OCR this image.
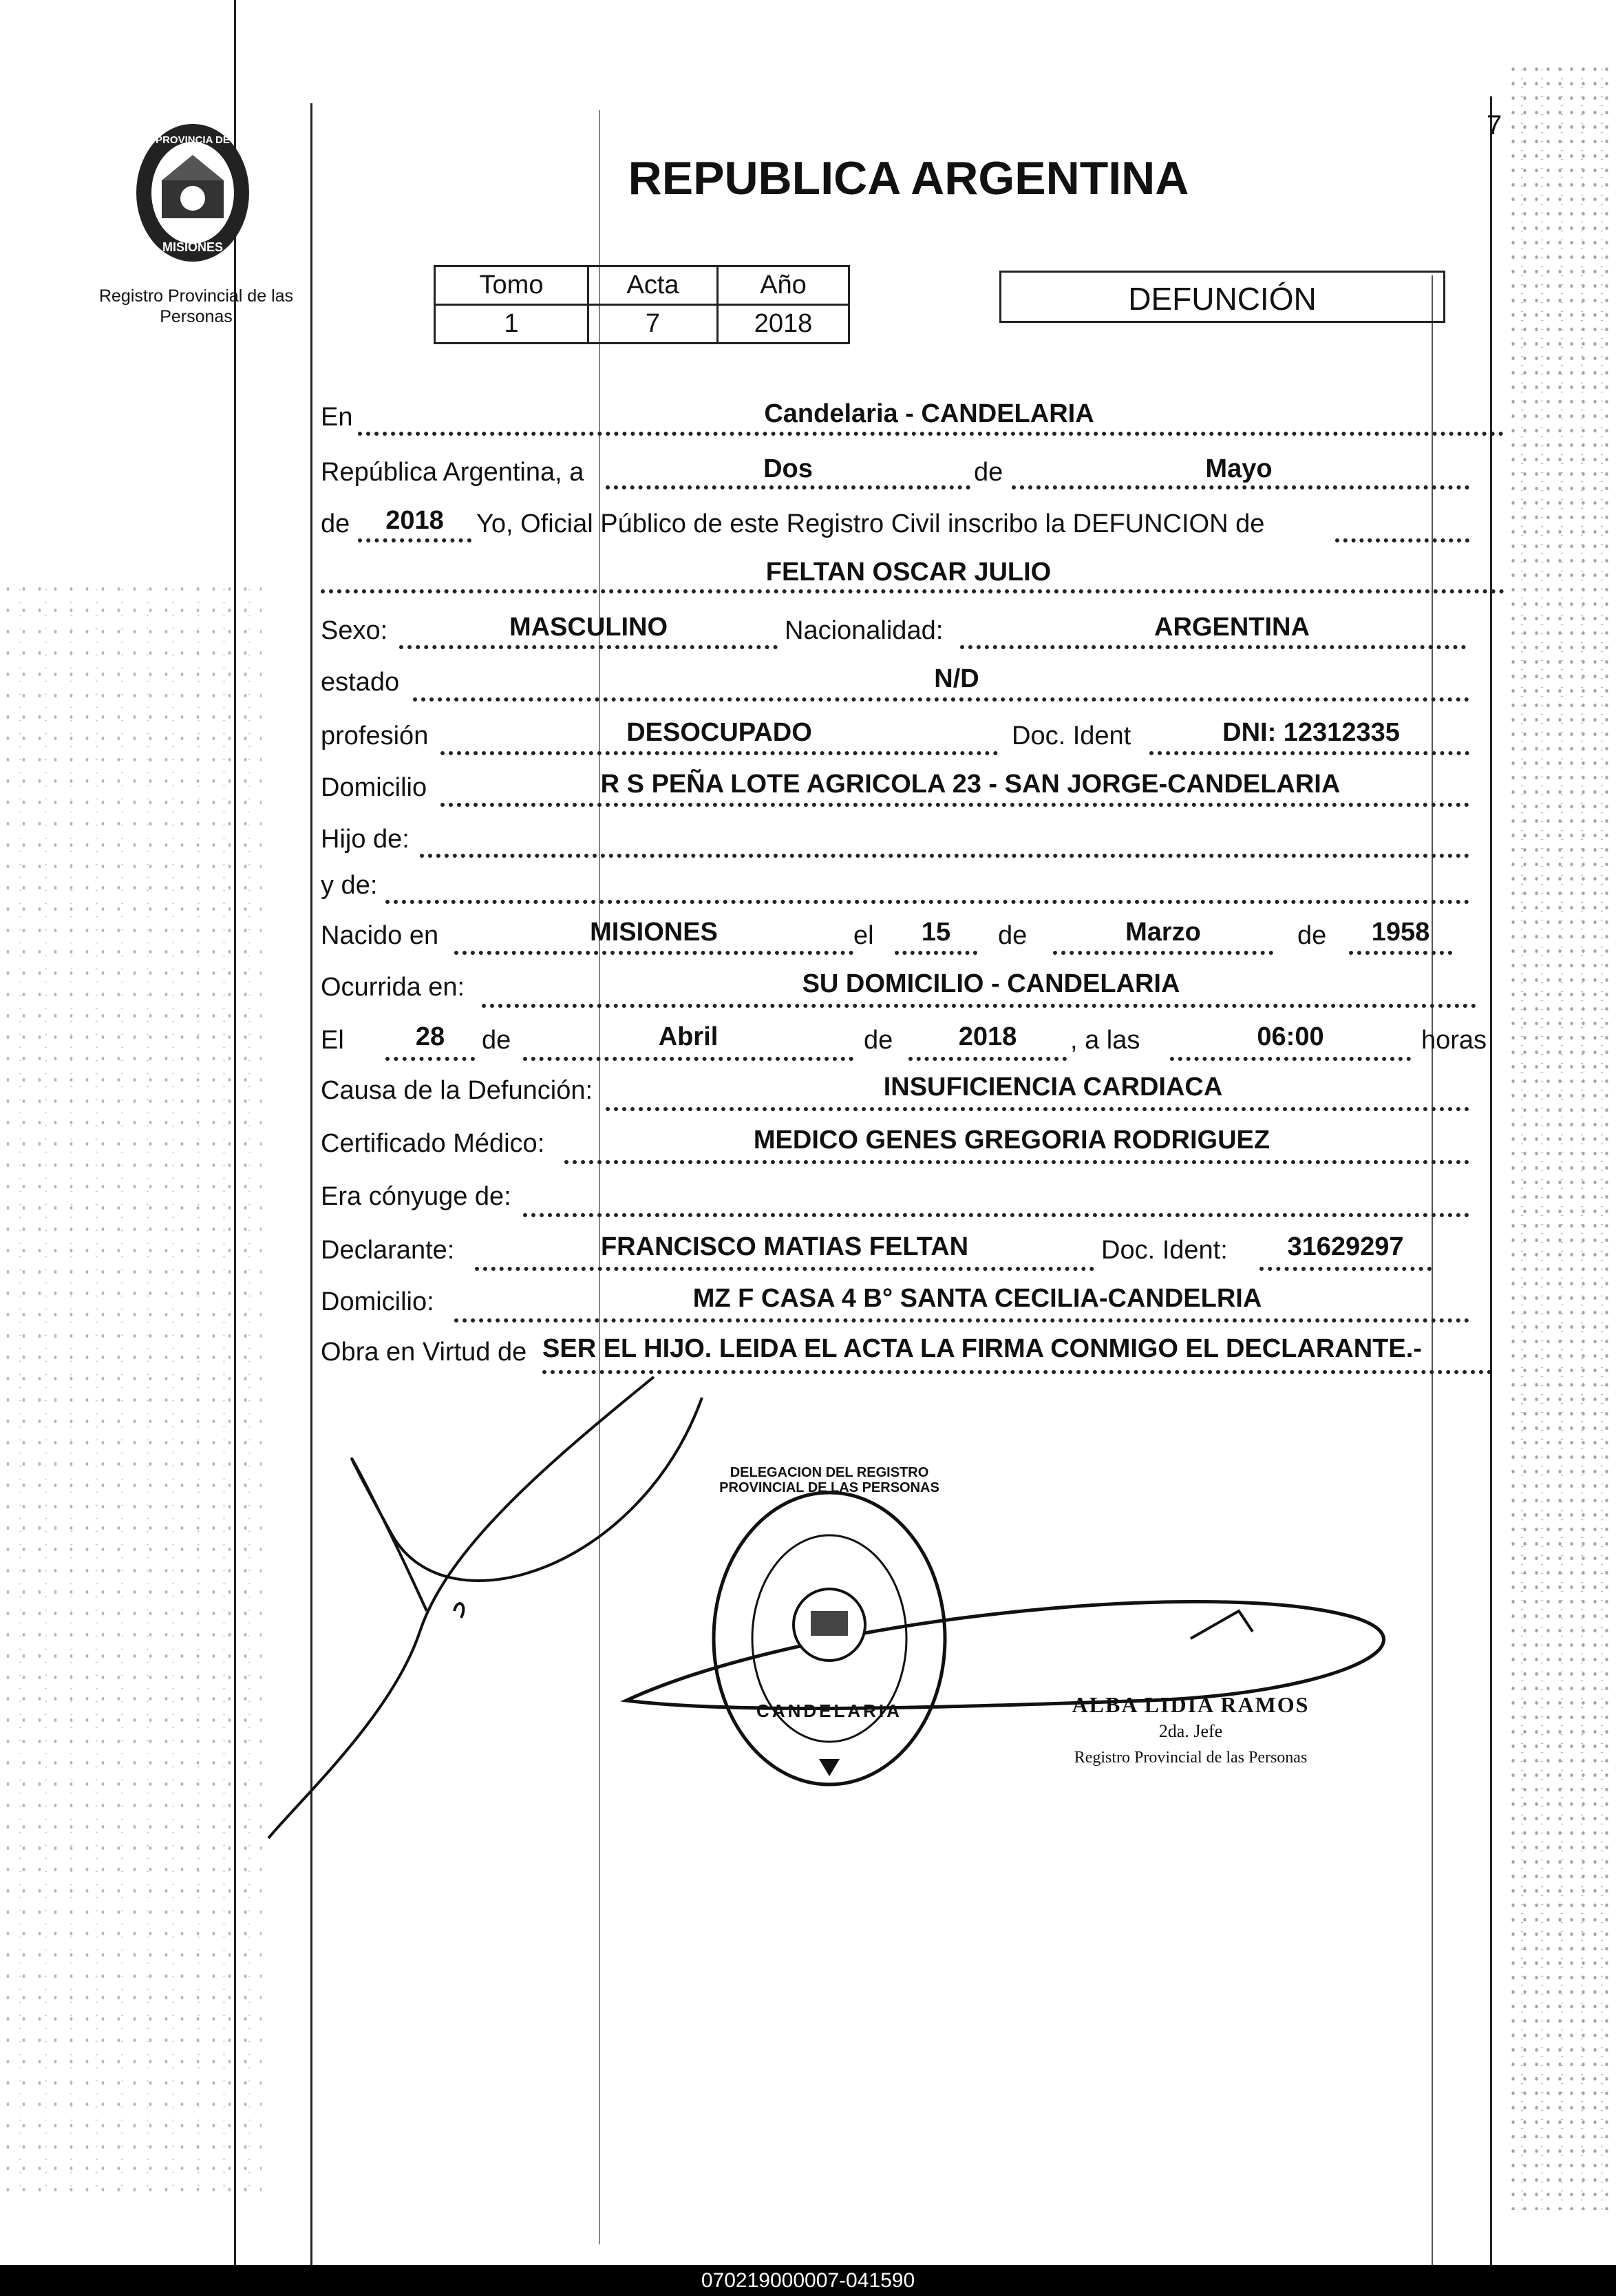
7
PROVINCIA DE
MISIONES
Registro Provincial de las Personas
REPUBLICA ARGENTINA
Tomo	Acta	Año
1	7	2018
DEFUNCIÓN
En	Candelaria - CANDELARIA
República Argentina, a	Dos	de	Mayo
de	2018	Yo, Oficial Público de este Registro Civil inscribo la DEFUNCION de
FELTAN OSCAR JULIO
Sexo:	MASCULINO	Nacionalidad:	ARGENTINA
estado	N/D
profesión	DESOCUPADO	Doc. Ident	DNI: 12312335
Domicilio	R S PEÑA LOTE AGRICOLA 23 - SAN JORGE-CANDELARIA
Hijo de:
y de:
Nacido en	MISIONES	el	15	de	Marzo	de	1958
Ocurrida en:	SU DOMICILIO - CANDELARIA
El	28	de	Abril	de	2018	, a las	06:00	horas
Causa de la Defunción:	INSUFICIENCIA CARDIACA
Certificado Médico:	MEDICO GENES GREGORIA RODRIGUEZ
Era cónyuge de:
Declarante:	FRANCISCO MATIAS FELTAN	Doc. Ident:	31629297
Domicilio:	MZ F CASA 4 B° SANTA CECILIA-CANDELRIA
Obra en Virtud de SER EL HIJO. LEIDA EL ACTA LA FIRMA CONMIGO EL DECLARANTE.-
DELEGACION DEL REGISTRO PROVINCIAL DE LAS PERSONAS
CANDELARIA	ALBA LIDIA RAMOS
2da. Jefe
Registro Provincial de las Personas
070219000007-041590
